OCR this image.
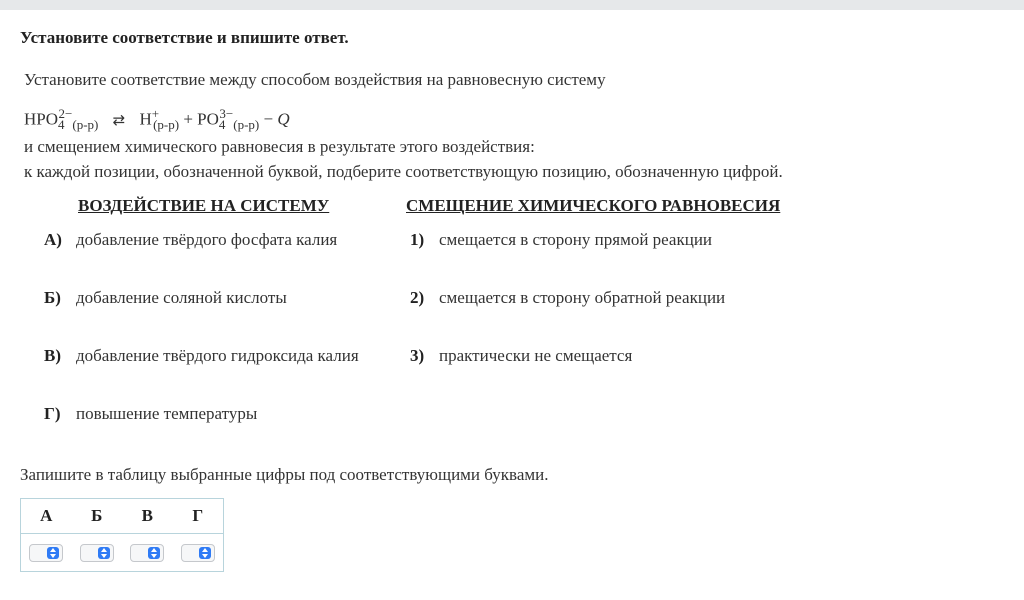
Установите соответствие и впишите ответ.
Установите соответствие между способом воздействия на равновесную систему
$HPO_4^{2-}_{(р-р)}$ ⇄ $H^+_{(р-р)} + PO_4^{3-}_{(р-р)} - Q$
и смещением химического равновесия в результате этого воздействия:
к каждой позиции, обозначенной буквой, подберите соответствующую позицию, обозначенную цифрой.
ВОЗДЕЙСТВИЕ НА СИСТЕМУ	СМЕЩЕНИЕ ХИМИЧЕСКОГО РАВНОВЕСИЯ
А) добавление твёрдого фосфата калия
Б) добавление соляной кислоты
В) добавление твёрдого гидроксида калия
Г) повышение температуры
1) смещается в сторону прямой реакции
2) смещается в сторону обратной реакции
3) практически не смещается
Запишите в таблицу выбранные цифры под соответствующими буквами.
А	Б	В	Г
